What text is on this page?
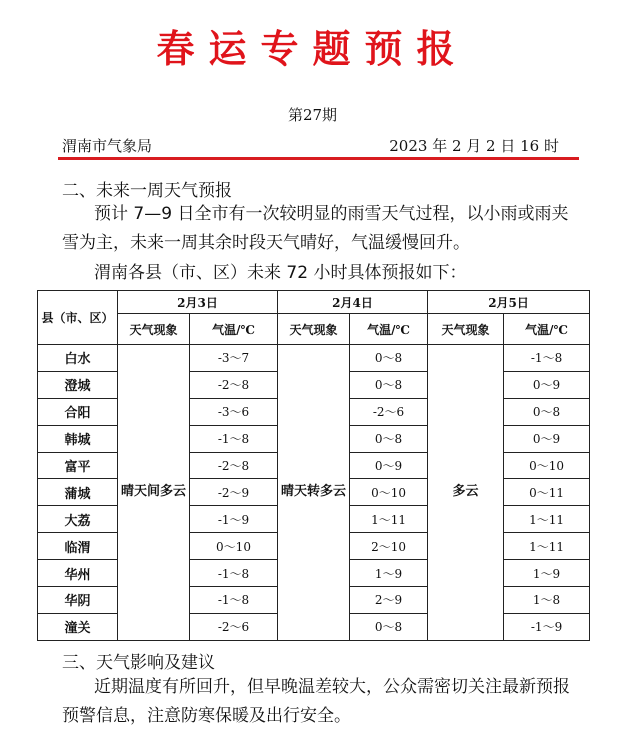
春运专题预报
第27期
渭南市气象局	2023 年 2 月 2 日 16 时
二、未来一周天气预报
预计 7—9 日全市有一次较明显的雨雪天气过程，以小雨或雨夹雪为主，未来一周其余时段天气晴好，气温缓慢回升。
渭南各县（市、区）未来 72 小时具体预报如下：
县（市、区）	2月3日		2月4日		2月5日	
	天气现象	气温/℃	天气现象	气温/℃	天气现象	气温/℃
白水	晴天间多云	-3～7	晴天转多云	0～8	多云	-1～8
澄城		-2～8		0～8		0～9
合阳		-3～6		-2～6		0～8
韩城		-1～8		0～8		0～9
富平		-2～8		0～9		0～10
蒲城		-2～9		0～10		0～11
大荔		-1～9		1～11		1～11
临渭		0～10		2～10		1～11
华州		-1～8		1～9		1～9
华阴		-1～8		2～9		1～8
潼关		-2～6		0～8		-1～9
三、天气影响及建议
近期温度有所回升，但早晚温差较大，公众需密切关注最新预报预警信息，注意防寒保暖及出行安全。
